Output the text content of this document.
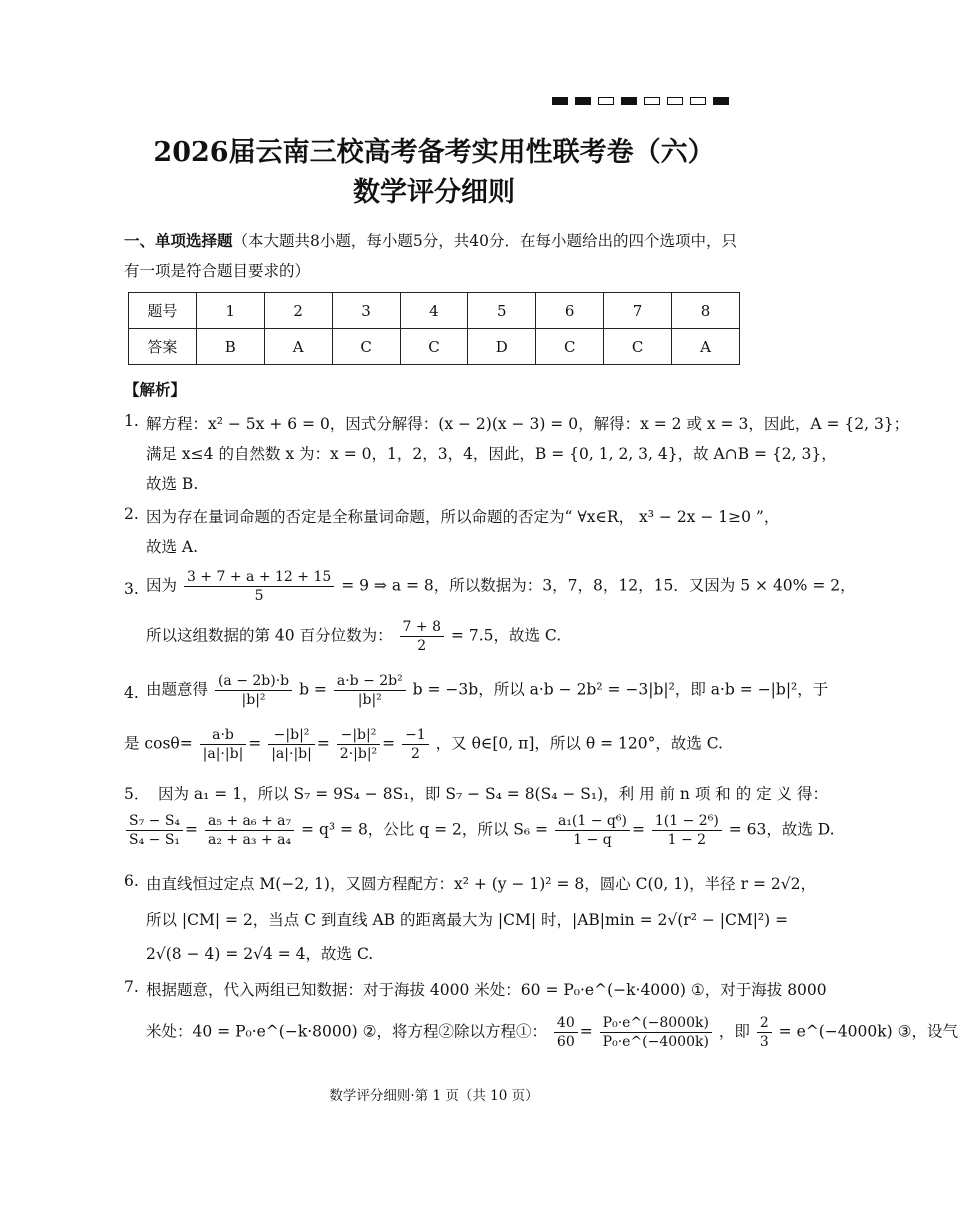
2026届云南三校高考备考实用性联考卷（六）
数学评分细则
一、单项选择题（本大题共8小题，每小题5分，共40分．在每小题给出的四个选项中，只
有一项是符合题目要求的）
题号	1	2	3	4	5	6	7	8
答案	B	A	C	C	D	C	C	A
【解析】
1. 解方程：x² − 5x + 6 = 0，因式分解得：(x − 2)(x − 3) = 0，解得：x = 2 或 x = 3，因此，A = {2, 3}；
满足 x≤4 的自然数 x 为：x = 0，1，2，3，4，因此，B = {0, 1, 2, 3, 4}，故 A∩B = {2, 3}，
故选 B.
2. 因为存在量词命题的否定是全称量词命题，所以命题的否定为“ ∀x∈R， x³ − 2x − 1≥0 ”，
故选 A.
3. 因为 $\frac{3 + 7 + a + 12 + 15}{5} = 9$ ⇒ a = 8，所以数据为：3，7，8，12，15．又因为 5 × 40% = 2，
所以这组数据的第 40 百分位数为： $\frac{7 + 8}{2} = 7.5$，故选 C.
4. 由题意得 $\frac{(a - 2b)\cdot b}{\text{|b|²}}$ $b = \frac{\text{a·b − 2b²}}{\text{|b|²}}$ b = −3b，所以 a·b − 2b² = −3|b|²，即 a·b = −|b|²，于
是 $\cos\theta= \frac{a\cdot b}{|a|\cdot|b|} = \frac{\text{−|b|²}}{|a|\cdot|b|} = \frac{\text{−|b|²}}{\text{2·|b|²}} = \frac{-1}{2}$ ，又 θ∈[0, π]，所以 θ = 120°，故选 C.
5． 因为 a₁ = 1，所以 S₇ = 9S₄ − 8S₁，即 S₇ − S₄ = 8(S₄ − S₁)，利 用 前 n 项 和 的 定 义 得：
$\frac{\text{S₇ − S₄}}{\text{S₄ − S₁}} = \frac{\text{a₅ + a₆ + a₇}}{\text{a₂ + a₃ + a₄}} = q^3 = 8$，公比 q = 2，所以 $S_6 = \frac{\text{a₁(1 − q⁶)}}{1 - q} = \frac{\text{1(1 − 2⁶)}}{1 - 2} = 63$，故选 D.
6. 由直线恒过定点 M(−2, 1)，又圆方程配方：x² + (y − 1)² = 8，圆心 C(0, 1)，半径 r = 2√2，
所以 |CM| = 2，当点 C 到直线 AB 的距离最大为 |CM| 时，|AB|min = 2√(r² − |CM|²) =
2√(8 − 4) = 2√4 = 4，故选 C.
7. 根据题意，代入两组已知数据：对于海拔 4000 米处：60 = P₀·e^(−k·4000) ①，对于海拔 8000
米处：40 = P₀·e^(−k·8000) ②，将方程②除以方程①： $\frac{40}{60} = \frac{\text{P₀·e\textasciicircum{}(−8000k)}}{\text{P₀·e\textasciicircum{}(−4000k)}}$ ，即 $\frac{2}{3}$ = e^(−4000k) ③，设气
数学评分细则·第 1 页（共 10 页）
